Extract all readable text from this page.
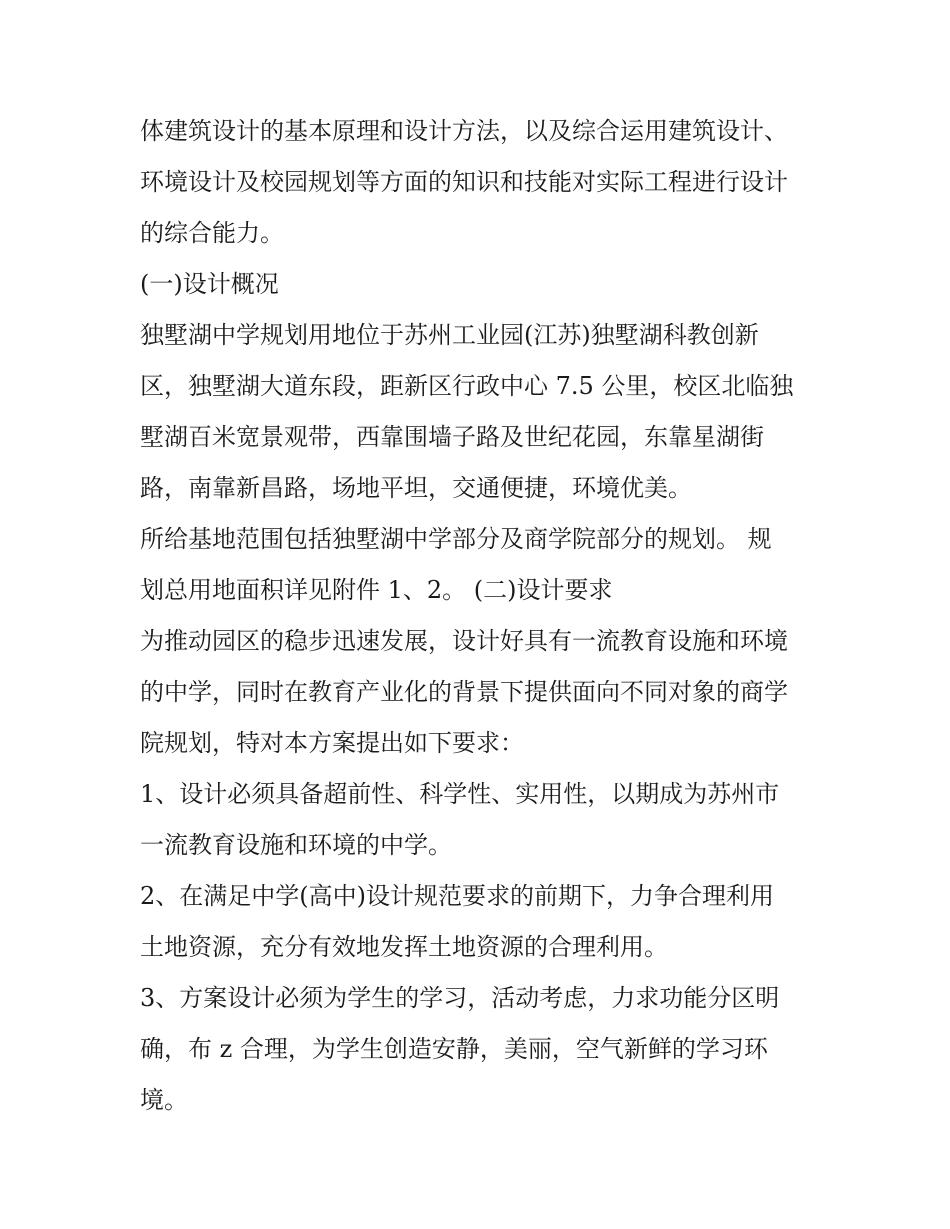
体建筑设计的基本原理和设计方法，以及综合运用建筑设计、
环境设计及校园规划等方面的知识和技能对实际工程进行设计
的综合能力。
(一)设计概况
独墅湖中学规划用地位于苏州工业园(江苏)独墅湖科教创新
区，独墅湖大道东段，距新区行政中心 7.5 公里，校区北临独
墅湖百米宽景观带，西靠围墙子路及世纪花园，东靠星湖街
路，南靠新昌路，场地平坦，交通便捷，环境优美。
所给基地范围包括独墅湖中学部分及商学院部分的规划。 规
划总用地面积详见附件 1、2。 (二)设计要求
为推动园区的稳步迅速发展，设计好具有一流教育设施和环境
的中学，同时在教育产业化的背景下提供面向不同对象的商学
院规划，特对本方案提出如下要求：
1、设计必须具备超前性、科学性、实用性，以期成为苏州市
一流教育设施和环境的中学。
2、在满足中学(高中)设计规范要求的前期下，力争合理利用
土地资源，充分有效地发挥土地资源的合理利用。
3、方案设计必须为学生的学习，活动考虑，力求功能分区明
确，布 z 合理，为学生创造安静，美丽，空气新鲜的学习环
境。
